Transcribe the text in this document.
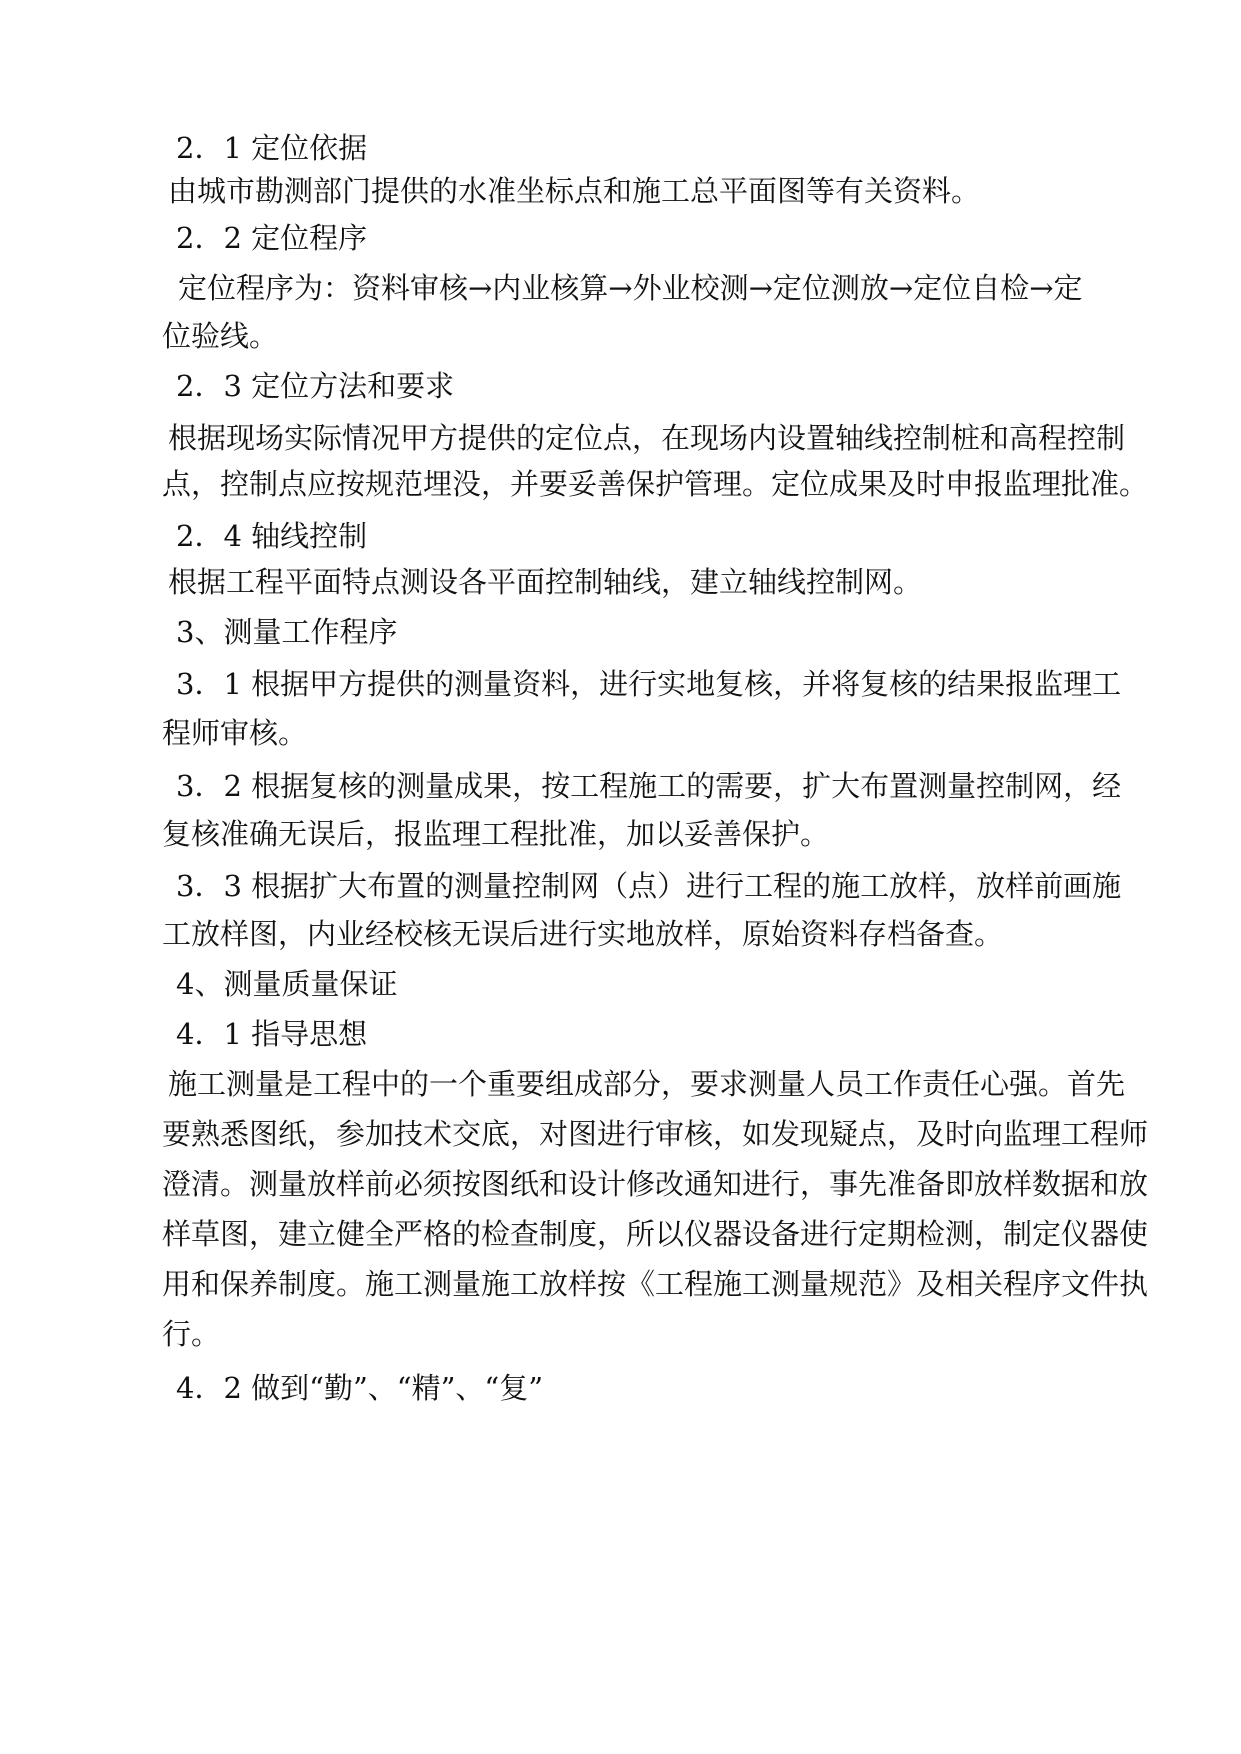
2．1 定位依据
由城市勘测部门提供的水准坐标点和施工总平面图等有关资料。
2．2 定位程序
定位程序为：资料审核→内业核算→外业校测→定位测放→定位自检→定
位验线。
2．3 定位方法和要求
根据现场实际情况甲方提供的定位点，在现场内设置轴线控制桩和高程控制
点，控制点应按规范埋没，并要妥善保护管理。定位成果及时申报监理批准。
2．4 轴线控制
根据工程平面特点测设各平面控制轴线，建立轴线控制网。
3、测量工作程序
3．1 根据甲方提供的测量资料，进行实地复核，并将复核的结果报监理工
程师审核。
3．2 根据复核的测量成果，按工程施工的需要，扩大布置测量控制网，经
复核准确无误后，报监理工程批准，加以妥善保护。
3．3 根据扩大布置的测量控制网（点）进行工程的施工放样，放样前画施
工放样图，内业经校核无误后进行实地放样，原始资料存档备查。
4、测量质量保证
4．1 指导思想
施工测量是工程中的一个重要组成部分，要求测量人员工作责任心强。首先
要熟悉图纸，参加技术交底，对图进行审核，如发现疑点，及时向监理工程师
澄清。测量放样前必须按图纸和设计修改通知进行，事先准备即放样数据和放
样草图，建立健全严格的检查制度，所以仪器设备进行定期检测，制定仪器使
用和保养制度。施工测量施工放样按《工程施工测量规范》及相关程序文件执
行。
4．2 做到“勤”、“精”、“复”
